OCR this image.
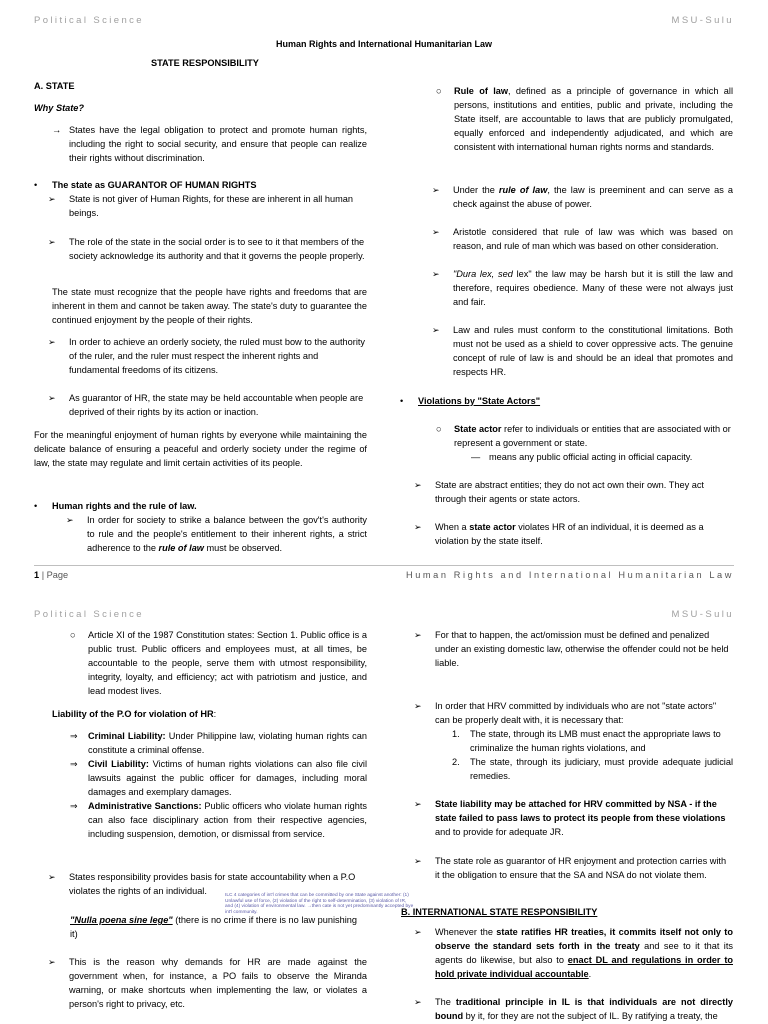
Political Science	MSU-Sulu
Human Rights and International Humanitarian Law
STATE RESPONSIBILITY
A. STATE
Why State?
→ States have the legal obligation to protect and promote human rights, including the right to social security, and ensure that people can realize their rights without discrimination.
•	The state as GUARANTOR OF HUMAN RIGHTS
➢	State is not giver of Human Rights, for these are inherent in all human beings.
➢	The role of the state in the social order is to see to it that members of the society acknowledge its authority and that it governs the people properly.
The state must recognize that the people have rights and freedoms that are inherent in them and cannot be taken away. The state's duty to guarantee the continued enjoyment by the people of their rights.
➢	In order to achieve an orderly society, the ruled must bow to the authority of the ruler, and the ruler must respect the inherent rights and fundamental freedoms of its citizens.
➢	As guarantor of HR, the state may be held accountable when people are deprived of their rights by its action or inaction.
For the meaningful enjoyment of human rights by everyone while maintaining the delicate balance of ensuring a peaceful and orderly society under the regime of law, the state may regulate and limit certain activities of its people.
•	Human rights and the rule of law.
➢	In order for society to strike a balance between the gov't's authority to rule and the people's entitlement to their inherent rights, a strict adherence to the rule of law must be observed.
○	Rule of law, defined as a principle of governance in which all persons, institutions and entities, public and private, including the State itself, are accountable to laws that are publicly promulgated, equally enforced and independently adjudicated, and which are consistent with international human rights norms and standards.
➢	Under the rule of law, the law is preeminent and can serve as a check against the abuse of power.
➢	Aristotle considered that rule of law was which was based on reason, and rule of man which was based on other consideration.
➢	"Dura lex, sed lex" the law may be harsh but it is still the law and therefore, requires obedience. Many of these were not always just and fair.
➢	Law and rules must conform to the constitutional limitations. Both must not be used as a shield to cover oppressive acts. The genuine concept of rule of law is and should be an ideal that promotes and respects HR.
•	Violations by "State Actors"
○	State actor refer to individuals or entities that are associated with or represent a government or state.
— means any public official acting in official capacity.
➢	State are abstract entities; they do not act own their own. They act through their agents or state actors.
➢	When a state actor violates HR of an individual, it is deemed as a violation by the state itself.
1 | Page	Human Rights and International Humanitarian Law
Political Science	MSU-Sulu
○	Article XI of the 1987 Constitution states: Section 1. Public office is a public trust. Public officers and employees must, at all times, be accountable to the people, serve them with utmost responsibility, integrity, loyalty, and efficiency; act with patriotism and justice, and lead modest lives.
Liability of the P.O for violation of HR:
⇒	Criminal Liability: Under Philippine law, violating human rights can constitute a criminal offense.
⇒	Civil Liability: Victims of human rights violations can also file civil lawsuits against the public officer for damages, including moral damages and exemplary damages.
⇒	Administrative Sanctions: Public officers who violate human rights can also face disciplinary action from their respective agencies, including suspension, demotion, or dismissal from service.
➢	States responsibility provides basis for state accountability when a P.O violates the rights of an individual.
"Nulla poena sine lege" (there is no crime if there is no law punishing it)
➢	This is the reason why demands for HR are made against the government when, for instance, a PO fails to observe the Miranda warning, or make shortcuts when implementing the law, or violates a person's right to privacy, etc.
➢	For that to happen, the act/omission must be defined and penalized under an existing domestic law, otherwise the offender could not be held liable.
➢	In order that HRV committed by individuals who are not "state actors" can be properly dealt with, it is necessary that:
1.	The state, through its LMB must enact the appropriate laws to criminalize the human rights violations, and
2.	The state, through its judiciary, must provide adequate judicial remedies.
➢	State liability may be attached for HRV committed by NSA - if the state failed to pass laws to protect its people from these violations and to provide for adequate JR.
➢	The state role as guarantor of HR enjoyment and protection carries with it the obligation to ensure that the SA and NSA do not violate them.
ILC 4 categories of int'l crimes that can be committed by one State against another: (1) Unlawful use of force, (2) violation of the right to self-determination, (3) violation of IR, and (4) violation of environmental law. →then cate is not yet predominantly accepted bye int'l community.	B. INTERNATIONAL STATE RESPONSIBILITY
➢	Whenever the state ratifies HR treaties, it commits itself not only to observe the standard sets forth in the treaty and see to it that its agents do likewise, but also to enact DL and regulations in order to hold private individual accountable.
➢	The traditional principle in IL is that individuals are not directly bound by it, for they are not the subject of IL. By ratifying a treaty, the
